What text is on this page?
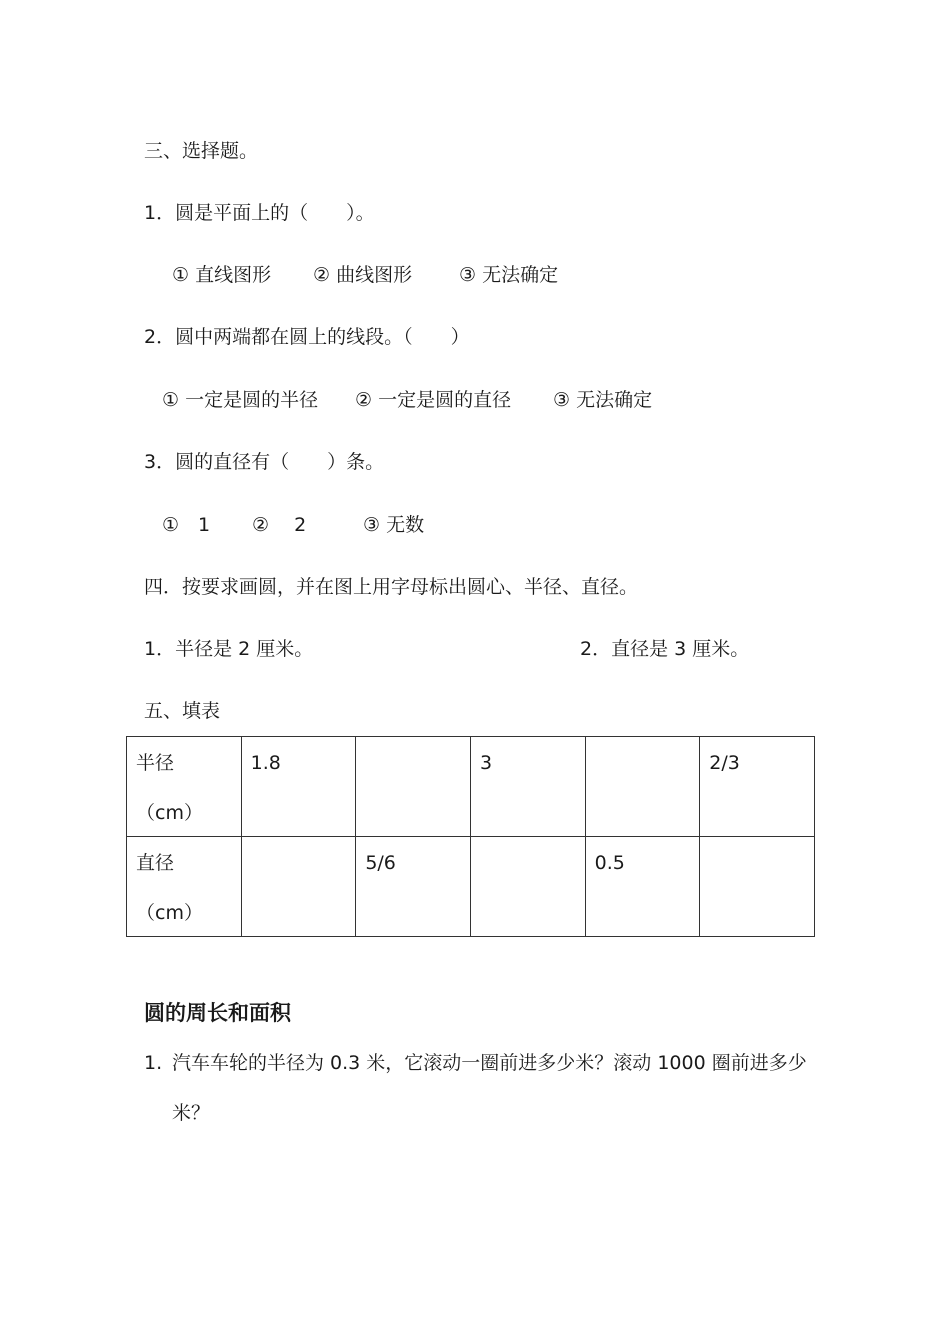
三、选择题。
1．圆是平面上的（　　）。
① 直线图形 ② 曲线图形 ③ 无法确定
2．圆中两端都在圆上的线段。（　　）
① 一定是圆的半径 ② 一定是圆的直径 ③ 无法确定
3．圆的直径有（　　）条。
①　1 ②　 2	③ 无数
四．按要求画圆，并在图上用字母标出圆心、半径、直径。
1．半径是 2 厘米。	2．直径是 3 厘米。
五、填表
半径
（cm）	1.8		3		2/3
直径
（cm）		5/6		0.5	
圆的周长和面积
1. 汽车车轮的半径为 0.3 米，它滚动一圈前进多少米？滚动 1000 圈前进多少
米？
